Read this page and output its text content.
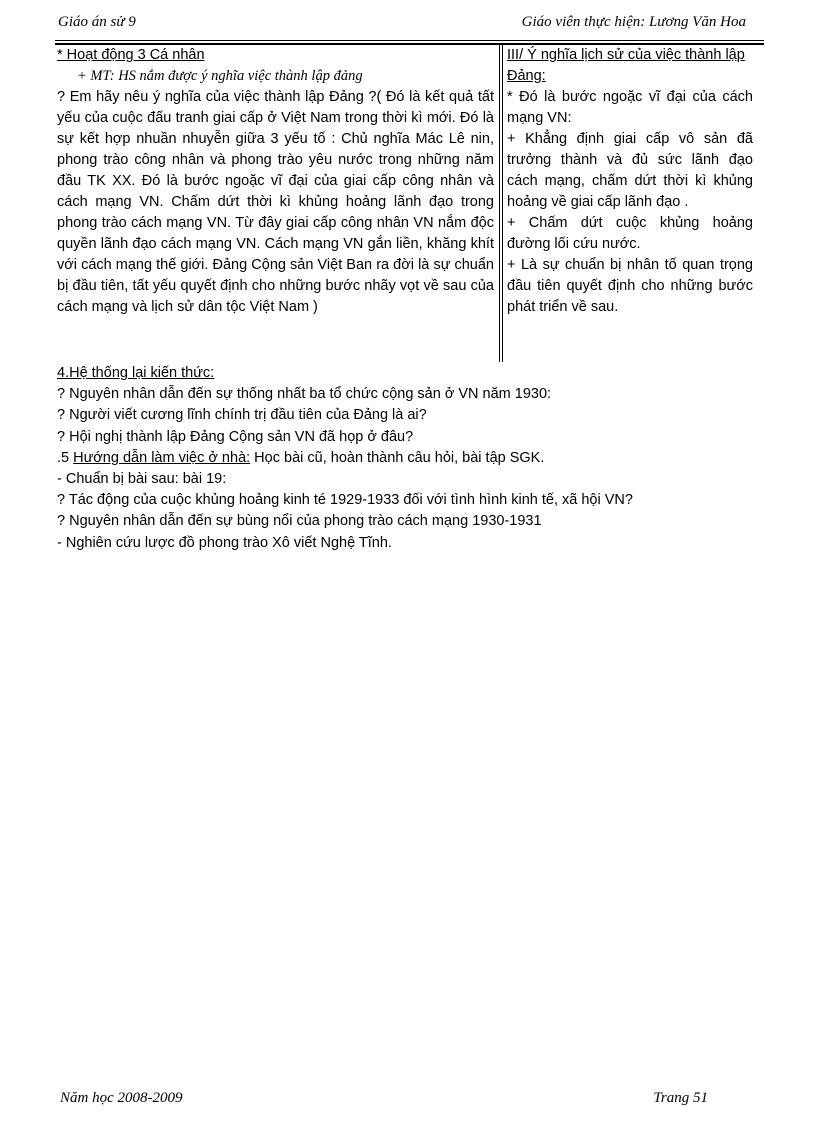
Giáo án sử 9	Giáo viên thực hiện: Lương Văn Hoa

* Hoạt động 3 Cá nhân

+ MT: HS nắm được ý nghĩa việc thành lập đảng

? Em hãy nêu ý nghĩa của việc thành lập Đảng ?( Đó là kết quả tất yếu của cuộc đấu tranh giai cấp ở Việt Nam trong thời kì mới. Đó là sự kết hợp nhuần nhuyễn giữa 3 yếu tố : Chủ nghĩa Mác Lê nin, phong trào công nhân và phong trào yêu nước trong những năm đầu TK XX. Đó là bước ngoặc vĩ đại của giai cấp công nhân và cách mạng VN. Chấm dứt thời kì khủng hoảng lãnh đạo trong phong trào cách mạng VN. Từ đây giai cấp công nhân VN nắm độc quyền lãnh đạo cách mạng VN. Cách mạng VN gắn liền, khăng khít với cách mạng thế giới. Đảng Cộng sản Việt Ban ra đời là sự chuẩn bị đầu tiên, tất yếu quyết định cho những bước nhãy vọt về sau của cách mạng và lịch sử dân tộc Việt Nam )

III/ Ý nghĩa lịch sử của việc thành lập Đảng:

* Đó là bước ngoặc vĩ đại của cách mạng VN:

+ Khẳng định giai cấp vô sản đã trưởng thành và đủ sức lãnh đạo cách mạng, chấm dứt thời kì khủng hoảng về giai cấp lãnh đạo .

+ Chấm dứt cuộc khủng hoảng đường lối cứu nước.

+ Là sự chuẩn bị nhân tố quan trọng đầu tiên quyết định cho những bước phát triển về sau.

4.Hệ thống lại kiến thức:

? Nguyên nhân dẫn đến sự thống nhất ba tổ chức cộng sản ở VN năm 1930:

? Người viết cương lĩnh chính trị đầu tiên của Đảng là ai?

? Hội nghị thành lập Đảng Cộng sản VN đã họp ở đâu?

.5 Hướng dẫn làm việc ở nhà: Học bài cũ, hoàn thành câu hỏi, bài tập SGK.

- Chuẩn bị bài sau: bài 19:

? Tác động của cuộc khủng hoảng kinh té 1929-1933 đối với tình hình kinh tế, xã hội VN?

? Nguyên nhân dẫn đến sự bùng nổi của phong trào cách mạng 1930-1931

- Nghiên cứu lược đồ phong trào Xô viết Nghệ Tĩnh.

Năm học 2008-2009	Trang 51
